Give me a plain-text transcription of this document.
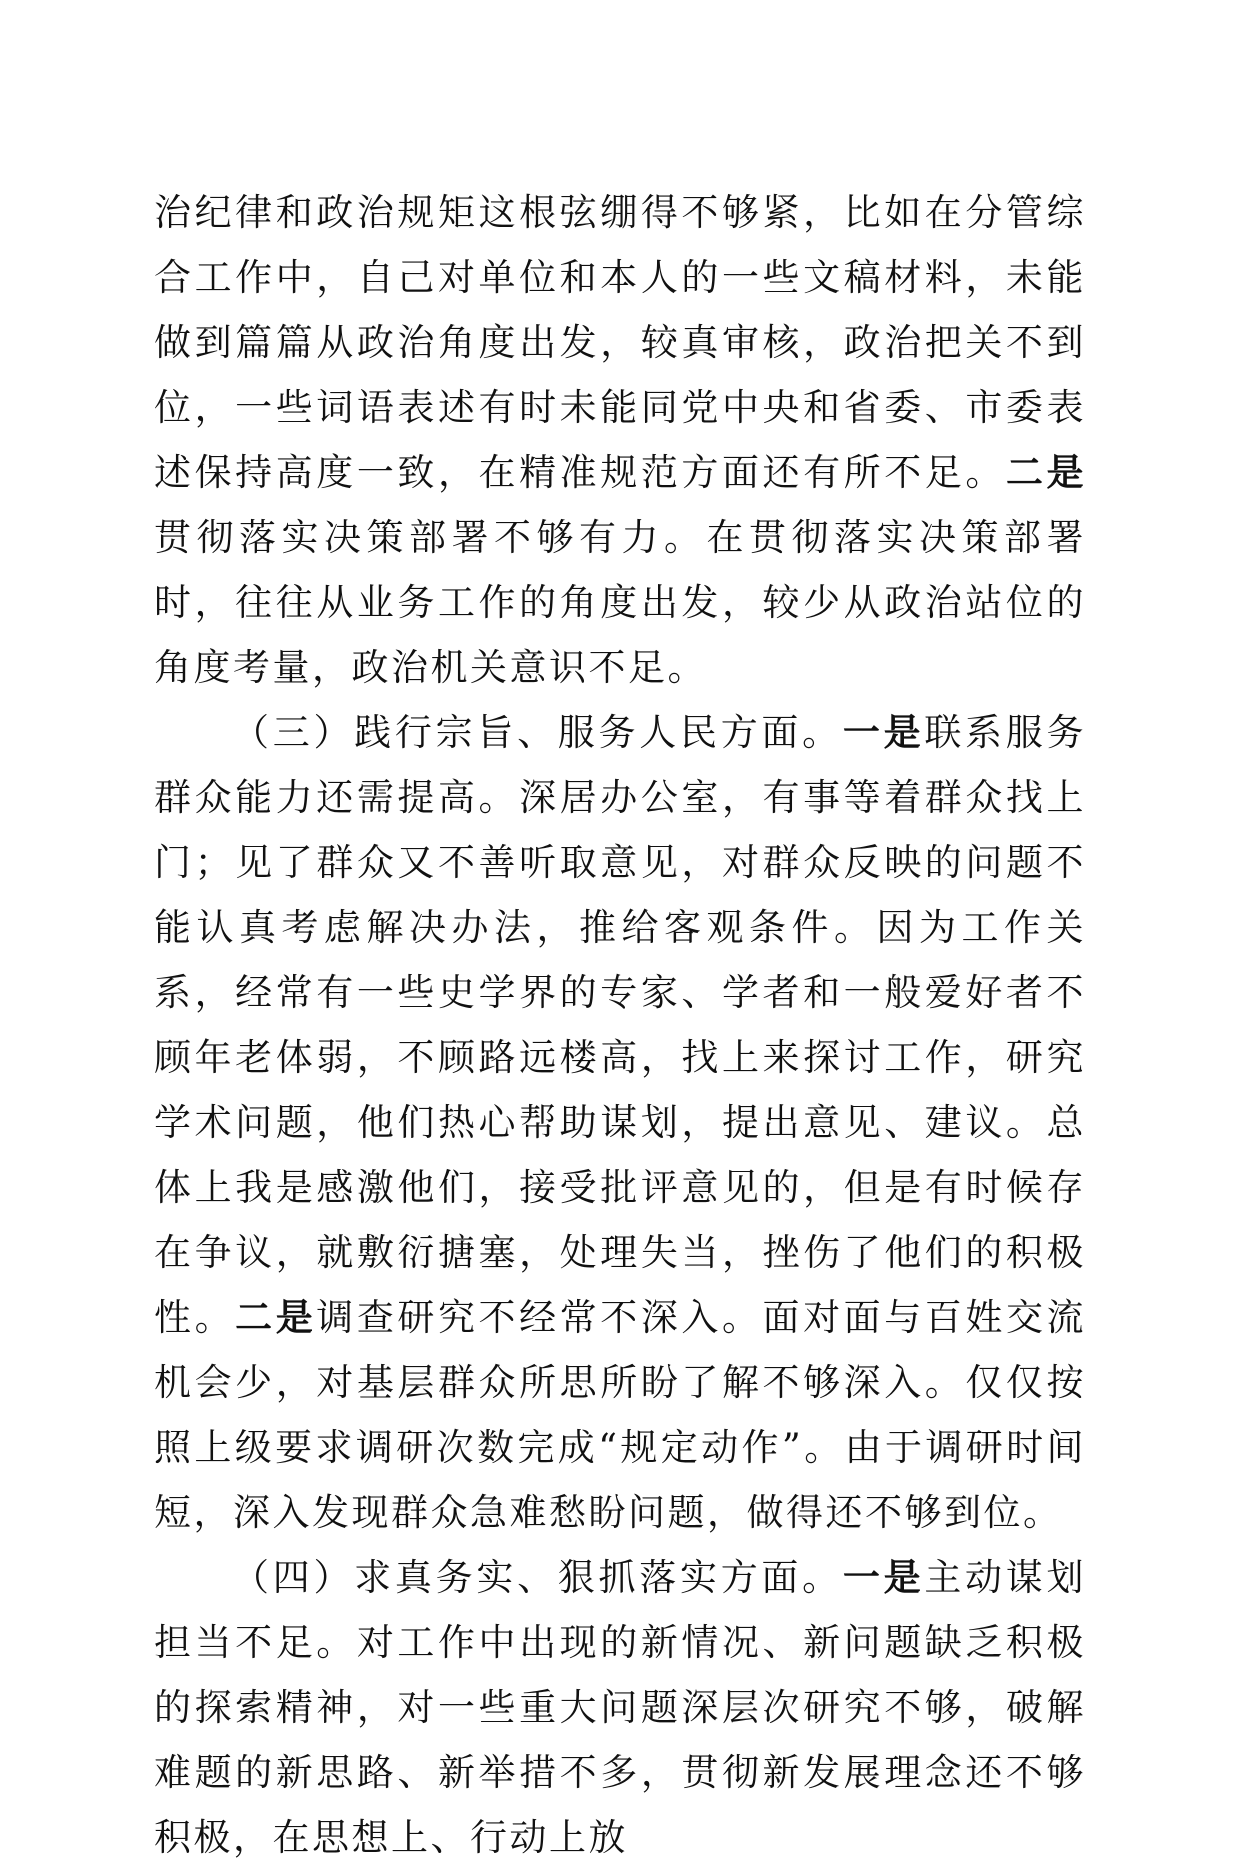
治纪律和政治规矩这根弦绷得不够紧，比如在分管综合工作中，自己对单位和本人的一些文稿材料，未能做到篇篇从政治角度出发，较真审核，政治把关不到位，一些词语表述有时未能同党中央和省委、市委表述保持高度一致，在精准规范方面还有所不足。二是贯彻落实决策部署不够有力。在贯彻落实决策部署时，往往从业务工作的角度出发，较少从政治站位的角度考量，政治机关意识不足。

（三）践行宗旨、服务人民方面。一是联系服务群众能力还需提高。深居办公室，有事等着群众找上门；见了群众又不善听取意见，对群众反映的问题不能认真考虑解决办法，推给客观条件。因为工作关系，经常有一些史学界的专家、学者和一般爱好者不顾年老体弱，不顾路远楼高，找上来探讨工作，研究学术问题，他们热心帮助谋划，提出意见、建议。总体上我是感激他们，接受批评意见的，但是有时候存在争议，就敷衍搪塞，处理失当，挫伤了他们的积极性。二是调查研究不经常不深入。面对面与百姓交流机会少，对基层群众所思所盼了解不够深入。仅仅按照上级要求调研次数完成“规定动作”。由于调研时间短，深入发现群众急难愁盼问题，做得还不够到位。

（四）求真务实、狠抓落实方面。一是主动谋划担当不足。对工作中出现的新情况、新问题缺乏积极的探索精神，对一些重大问题深层次研究不够，破解难题的新思路、新举措不多，贯彻新发展理念还不够积极，在思想上、行动上放
